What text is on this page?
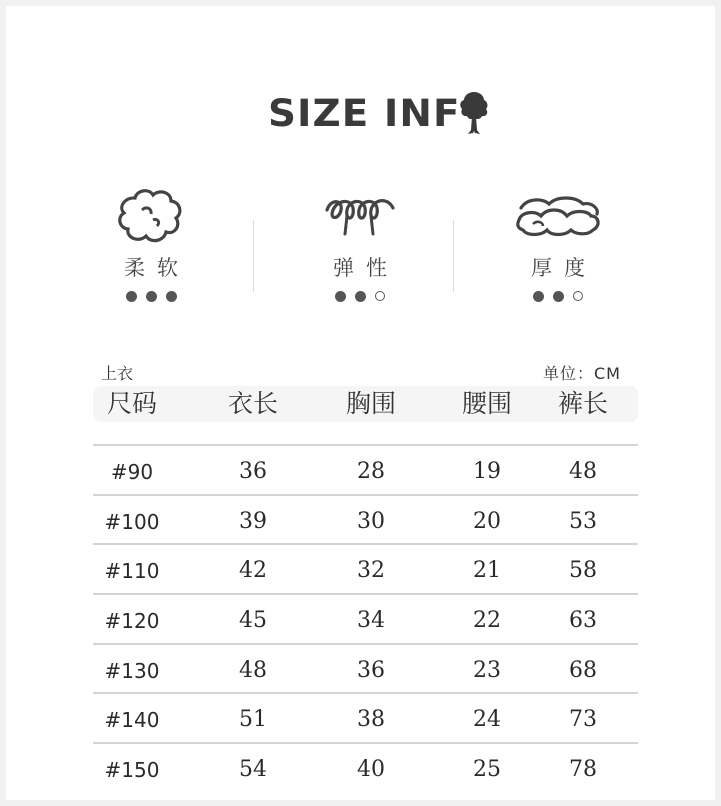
SIZE INF
柔软	弹性	厚度
上衣	单位：CM
尺码	衣长	胸围	腰围	裤长
#90	36	28	19	48
#100	39	30	20	53
#110	42	32	21	58
#120	45	34	22	63
#130	48	36	23	68
#140	51	38	24	73
#150	54	40	25	78
